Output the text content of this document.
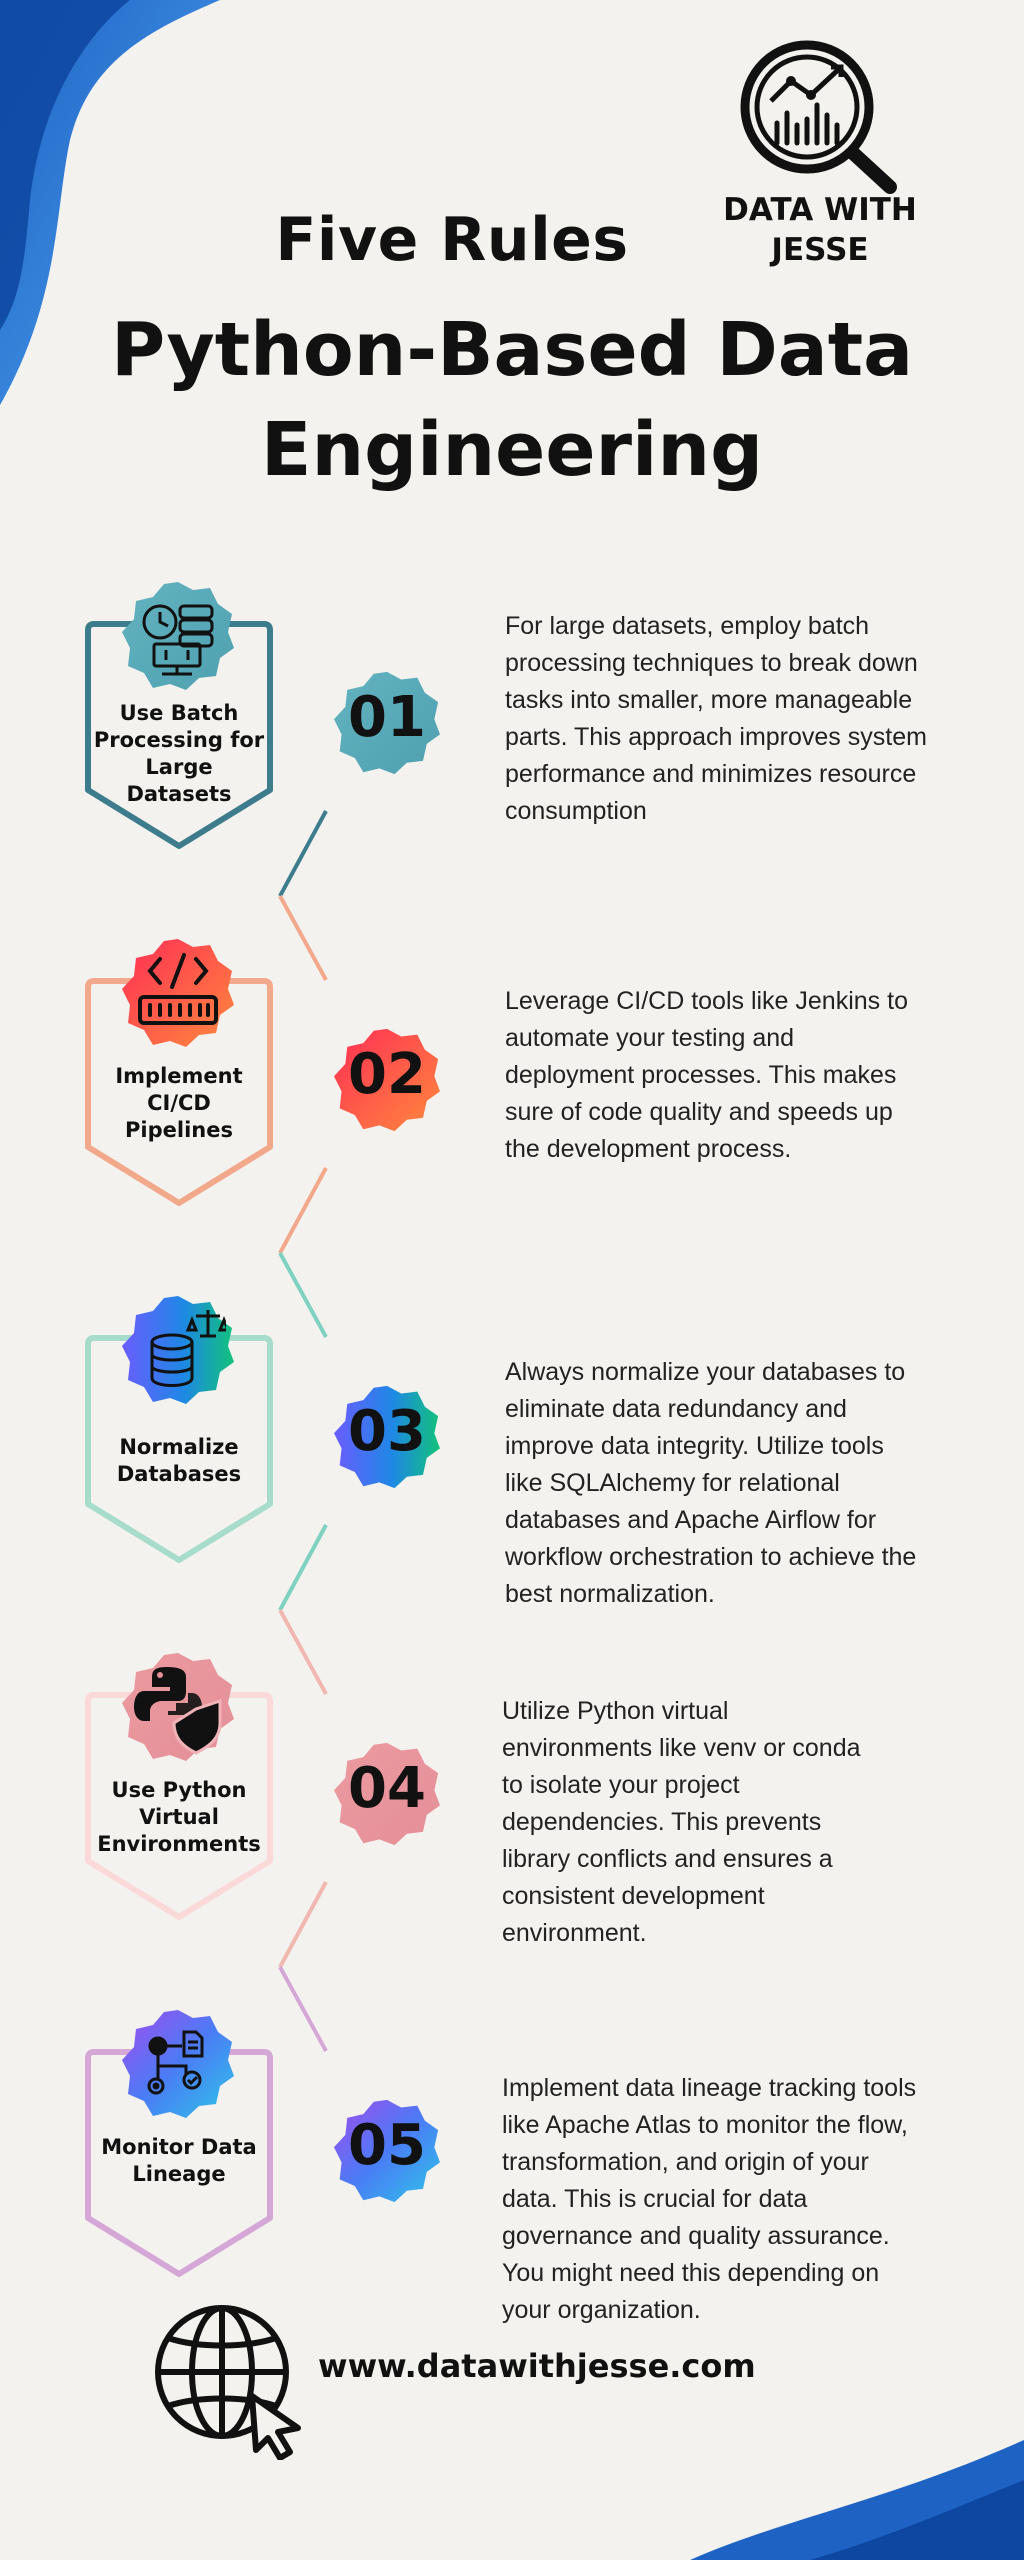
DATA WITH
JESSE
Five Rules
Python-Based Data
Engineering
Use Batch
Processing for
Large
Datasets
01
For large datasets, employ batch
processing techniques to break down
tasks into smaller, more manageable
parts. This approach improves system
performance and minimizes resource
consumption
Implement
CI/CD
Pipelines
02
Leverage CI/CD tools like Jenkins to
automate your testing and
deployment processes. This makes
sure of code quality and speeds up
the development process.
Normalize
Databases
03
Always normalize your databases to
eliminate data redundancy and
improve data integrity. Utilize tools
like SQLAlchemy for relational
databases and Apache Airflow for
workflow orchestration to achieve the
best normalization.
Use Python
Virtual
Environments
04
Utilize Python virtual
environments like venv or conda
to isolate your project
dependencies. This prevents
library conflicts and ensures a
consistent development
environment.
Monitor Data
Lineage	05
Implement data lineage tracking tools
like Apache Atlas to monitor the flow,
transformation, and origin of your
data. This is crucial for data
governance and quality assurance.
You might need this depending on
your organization.
www.datawithjesse.com
